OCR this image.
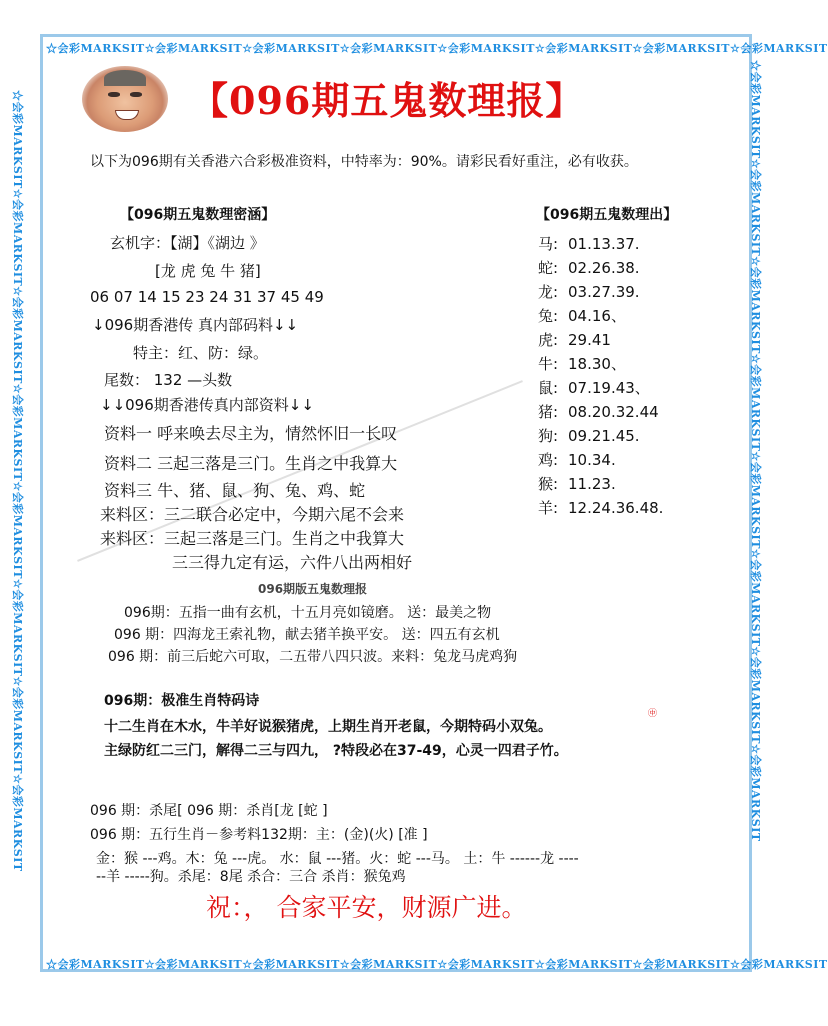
☆会彩MARKSIT☆会彩MARKSIT☆会彩MARKSIT☆会彩MARKSIT☆会彩MARKSIT☆会彩MARKSIT☆会彩MARKSIT☆会彩MARKSIT
☆会彩MARKSIT☆会彩MARKSIT☆会彩MARKSIT☆会彩MARKSIT☆会彩MARKSIT☆会彩MARKSIT☆会彩MARKSIT☆会彩MARKSIT
☆会彩MARKSIT☆会彩MARKSIT☆会彩MARKSIT☆会彩MARKSIT☆会彩MARKSIT☆会彩MARKSIT☆会彩MARKSIT☆会彩MARKSIT	☆会彩MARKSIT☆会彩MARKSIT☆会彩MARKSIT☆会彩MARKSIT☆会彩MARKSIT☆会彩MARKSIT☆会彩MARKSIT☆会彩MARKSIT
【096期五鬼数理报】
以下为096期有关香港六合彩极准资料，中特率为：90%。请彩民看好重注，必有收获。
【096期五鬼数理密涵】
玄机字：【湖】《湖边 》
[龙 虎 兔 牛 猪]
06 07 14 15 23 24 31 37 45 49
↓096期香港传 真内部码料↓↓
特主：红、防：绿。
尾数： 132 —头数
↓↓096期香港传真内部资料↓↓
资料一 呼来唤去尽主为，情然怀旧一长叹
资料二 三起三落是三门。生肖之中我算大
资料三 牛、猪、鼠、狗、兔、鸡、蛇
来料区：三二联合必定中，今期六尾不会来
来料区：三起三落是三门。生肖之中我算大
三三得九定有运，六件八出两相好
【096期五鬼数理出】
马: 01.13.37.
蛇: 02.26.38.
龙: 03.27.39.
兔: 04.16、
虎: 29.41
牛: 18.30、
鼠: 07.19.43、
猪: 08.20.32.44
狗: 09.21.45.
鸡: 10.34.
猴: 11.23.
羊: 12.24.36.48.
096期版五鬼数理报
096期：五指一曲有玄机，十五月亮如镜磨。 送：最美之物
096 期：四海龙王索礼物，献去猪羊换平安。 送：四五有玄机
096 期：前三后蛇六可取，二五带八四只波。来料：兔龙马虎鸡狗
096期：极准生肖特码诗
十二生肖在木水，牛羊好说猴猪虎，上期生肖开老鼠，今期特码小双兔。
主绿防红二三门，解得二三与四九， ?特段必在37-49，心灵一四君子竹。
㊥
096 期：杀尾[ 096 期：杀肖[龙 [蛇 ]
096 期：五行生肖－参考料132期：主：(金)(火) [准 ]
金：猴 ---鸡。木：兔 ---虎。 水：鼠 ---猪。火：蛇 ---马。 土：牛 ------龙 ----
--羊 -----狗。杀尾：8尾 杀合：三合 杀肖：猴兔鸡
祝：， 合家平安，财源广进。
